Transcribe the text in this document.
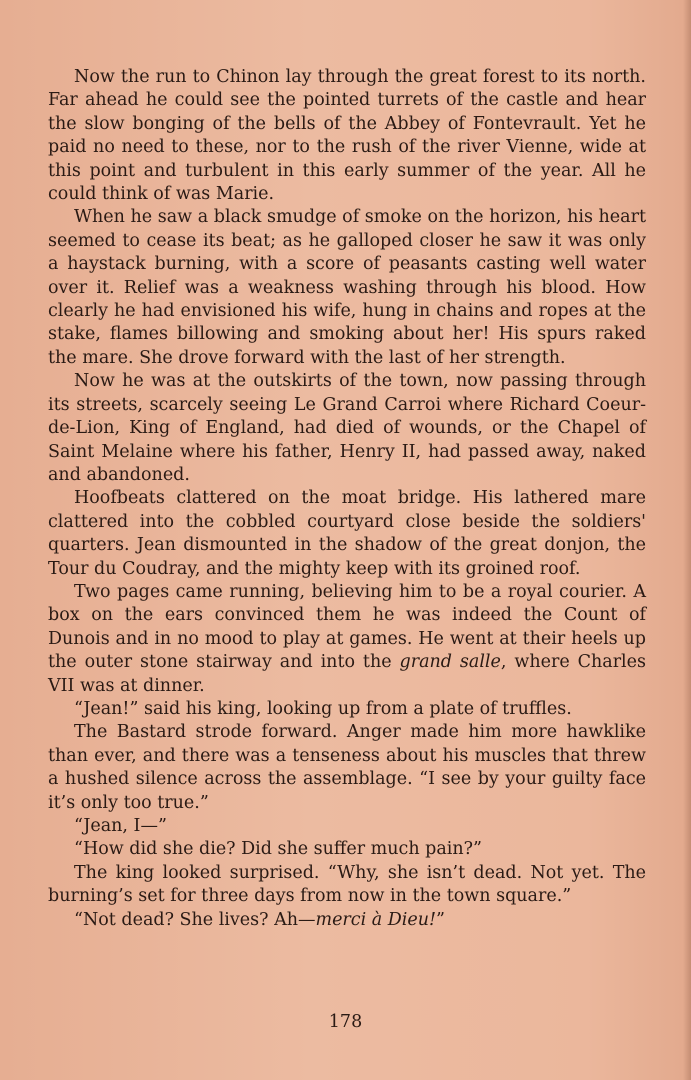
Now the run to Chinon lay through the great forest to its north. Far ahead he could see the pointed turrets of the castle and hear the slow bonging of the bells of the Abbey of Fontevrault. Yet he paid no need to these, nor to the rush of the river Vienne, wide at this point and turbulent in this early summer of the year. All he could think of was Marie.

When he saw a black smudge of smoke on the horizon, his heart seemed to cease its beat; as he galloped closer he saw it was only a haystack burning, with a score of peasants casting well water over it. Relief was a weakness washing through his blood. How clearly he had envisioned his wife, hung in chains and ropes at the stake, flames billowing and smoking about her! His spurs raked the mare. She drove forward with the last of her strength.

Now he was at the outskirts of the town, now passing through its streets, scarcely seeing Le Grand Carroi where Richard Coeur-de-Lion, King of England, had died of wounds, or the Chapel of Saint Melaine where his father, Henry II, had passed away, naked and abandoned.

Hoofbeats clattered on the moat bridge. His lathered mare clattered into the cobbled courtyard close beside the soldiers' quarters. Jean dismounted in the shadow of the great donjon, the Tour du Coudray, and the mighty keep with its groined roof.

Two pages came running, believing him to be a royal courier. A box on the ears convinced them he was indeed the Count of Dunois and in no mood to play at games. He went at their heels up the outer stone stairway and into the grand salle, where Charles VII was at dinner.

“Jean!” said his king, looking up from a plate of truffles.

The Bastard strode forward. Anger made him more hawklike than ever, and there was a tenseness about his muscles that threw a hushed silence across the assemblage. “I see by your guilty face it’s only too true.”

“Jean, I—”

“How did she die? Did she suffer much pain?”

The king looked surprised. “Why, she isn’t dead. Not yet. The burning’s set for three days from now in the town square.”

“Not dead? She lives? Ah—merci à Dieu!”

178
